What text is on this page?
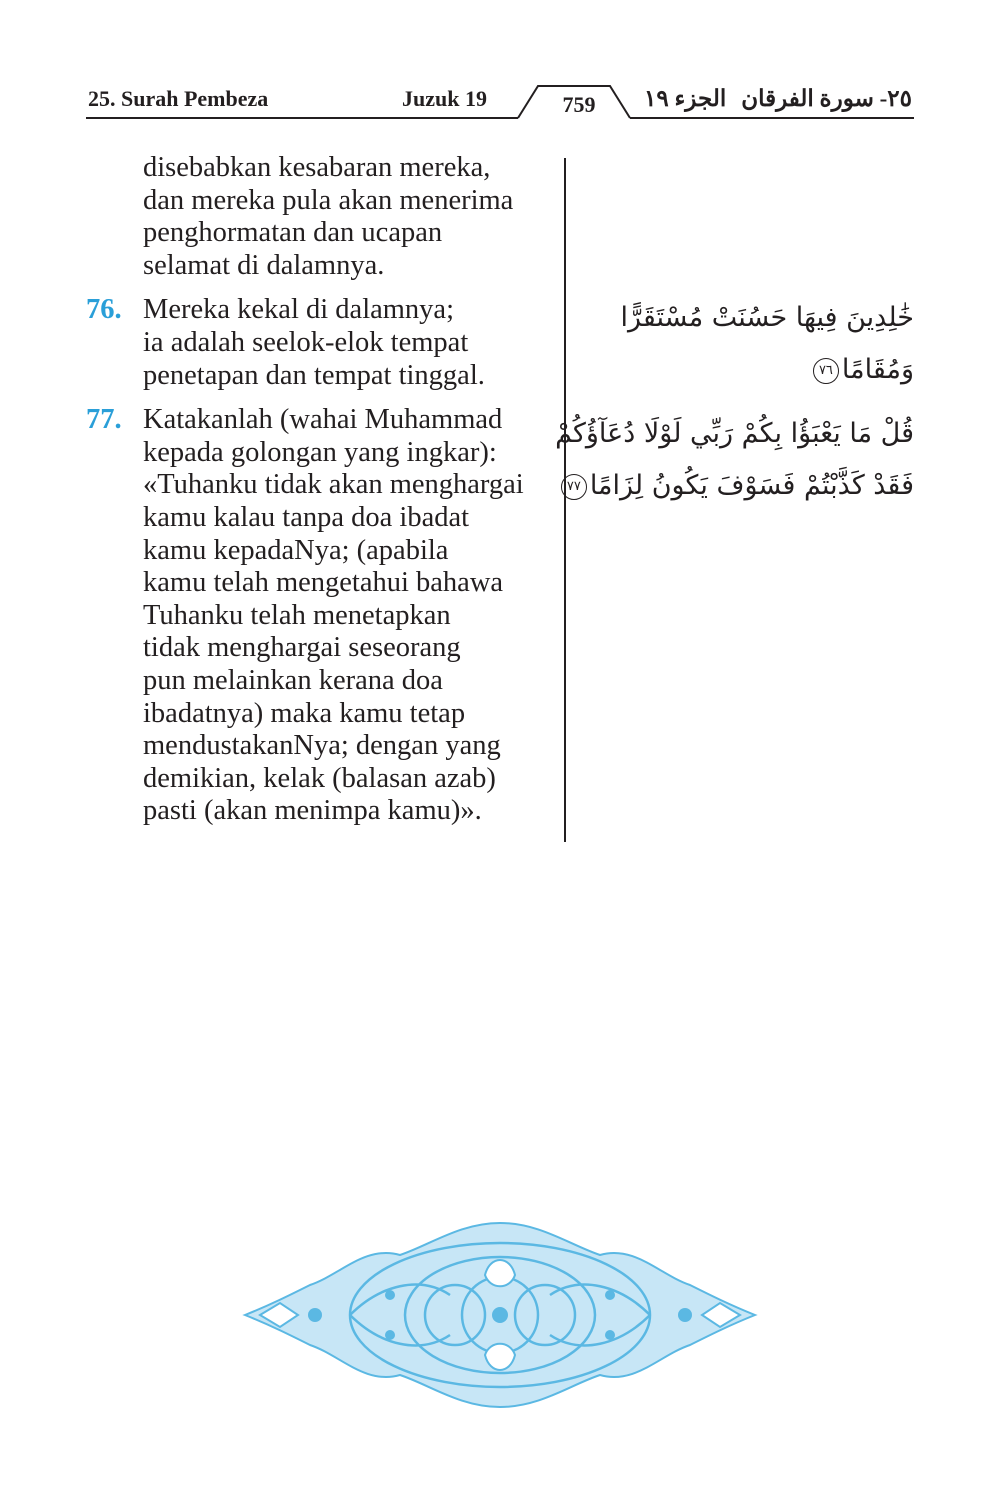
25. Surah Pembeza	Juzuk 19	759	الجزء ١٩ ٢٥- سورة الفرقان
disebabkan kesabaran mereka,
dan mereka pula akan menerima
penghormatan dan ucapan
selamat di dalamnya.
76. Mereka kekal di dalamnya;
ia adalah seelok-elok tempat
penetapan dan tempat tinggal.
77. Katakanlah (wahai Muhammad
kepada golongan yang ingkar):
«Tuhanku tidak akan menghargai
kamu kalau tanpa doa ibadat
kamu kepadaNya; (apabila
kamu telah mengetahui bahawa
Tuhanku telah menetapkan
tidak menghargai seseorang
pun melainkan kerana doa
ibadatnya) maka kamu tetap
mendustakanNya; dengan yang
demikian, kelak (balasan azab)
pasti (akan menimpa kamu)».
خَٰلِدِينَ فِيهَا حَسُنَتْ مُسْتَقَرًّا
وَمُقَامًا٧٦
قُلْ مَا يَعْبَؤُا بِكُمْ رَبِّي لَوْلَا دُعَآؤُكُمْ
فَقَدْ كَذَّبْتُمْ فَسَوْفَ يَكُونُ لِزَامًا٧٧
